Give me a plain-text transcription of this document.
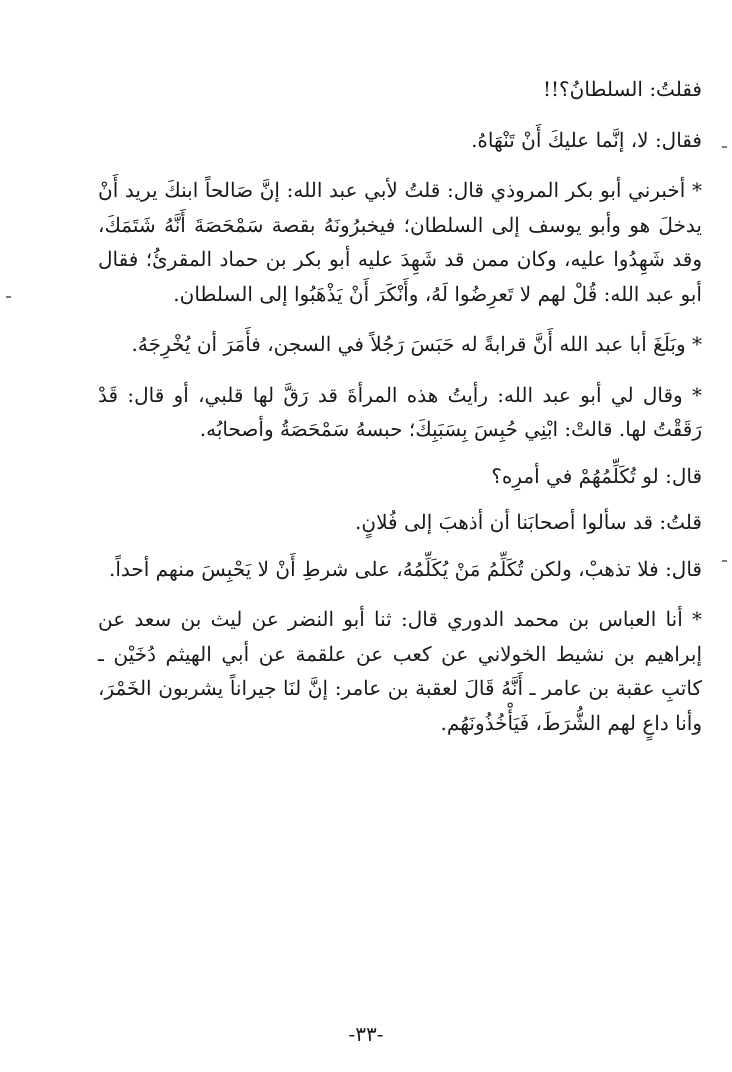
فقلتُ: السلطانُ؟!!

فقال: لا، إنَّما عليكَ أَنْ تَنْهَاهُ.

* أخبرني أبو بكر المروذي قال: قلتُ لأبي عبد الله: إنَّ صَالحاً ابنكَ يريد أَنْ يدخلَ هو وأبو يوسف إلى السلطان؛ فيخبرُونَهُ بقصة سَمْحَصَةَ أَنَّهُ شَتَمَكَ، وقد شَهِدُوا عليه، وكان ممن قد شَهِدَ عليه أبو بكر بن حماد المقرئُ؛ فقال أبو عبد الله: قُلْ لهم لا تَعرِضُوا لَهُ، وأَنْكَرَ أَنْ يَذْهَبُوا إلى السلطان.

* وبَلَغَ أبا عبد الله أَنَّ قرابةً له حَبَسَ رَجُلاً في السجن، فأَمَرَ أن يُخْرِجَهُ.

* وقال لي أبو عبد الله: رأيتُ هذه المرأةَ قد رَقَّ لها قلبي، أو قال: قَدْ رَقَقْتُ لها. قالتْ: ابْنِي حُبِسَ بِسَبَبِكَ؛ حبسهُ سَمْحَصَةُ وأصحابُه.

قال: لو تُكَلِّمُهُمْ في أمرِه؟

قلتُ: قد سألوا أصحابَنا أن أذهبَ إلى فُلانٍ.

قال: فلا تذهبْ، ولكن تُكَلِّمُ مَنْ يُكَلِّمُهُ، على شرطِ أَنْ لا يَحْبِسَ منهم أحداً.

* أنا العباس بن محمد الدوري قال: ثنا أبو النضر عن ليث بن سعد عن إبراهيم بن نشيط الخولاني عن كعب عن علقمة عن أبي الهيثم دُخَيْن ـ كاتبِ عقبة بن عامر ـ أَنَّهُ قَالَ لعقبة بن عامر: إنَّ لنَا جيراناً يشربون الخَمْرَ، وأنا داعٍ لهم الشُّرَطَ، فَيَأْخُذُونَهُم.

-٣٣-
